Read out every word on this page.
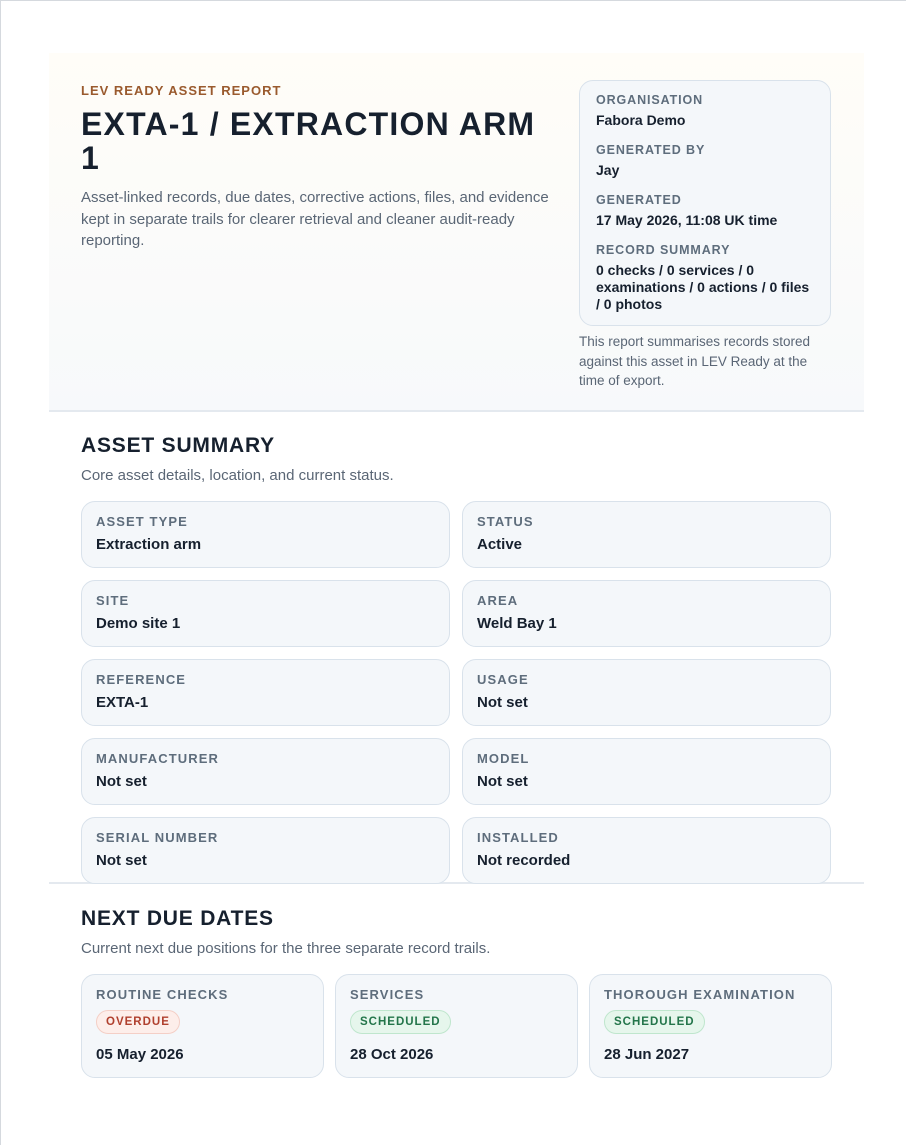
LEV READY ASSET REPORT
EXTA-1 / EXTRACTION ARM 1

Asset-linked records, due dates, corrective actions, files, and evidence kept in separate trails for clearer retrieval and cleaner audit-ready reporting.

ORGANISATION
Fabora Demo
GENERATED BY
Jay
GENERATED
17 May 2026, 11:08 UK time
RECORD SUMMARY
0 checks / 0 services / 0 examinations / 0 actions / 0 files / 0 photos

This report summarises records stored against this asset in LEV Ready at the time of export.

ASSET SUMMARY

Core asset details, location, and current status.

ASSET TYPE
Extraction arm
STATUS
Active
SITE
Demo site 1
AREA
Weld Bay 1
REFERENCE
EXTA-1
USAGE
Not set
MANUFACTURER
Not set
MODEL
Not set
SERIAL NUMBER
Not set
INSTALLED
Not recorded
NEXT DUE DATES

Current next due positions for the three separate record trails.

ROUTINE CHECKS
OVERDUE
05 May 2026
SERVICES
SCHEDULED
28 Oct 2026
THOROUGH EXAMINATION
SCHEDULED
28 Jun 2027
